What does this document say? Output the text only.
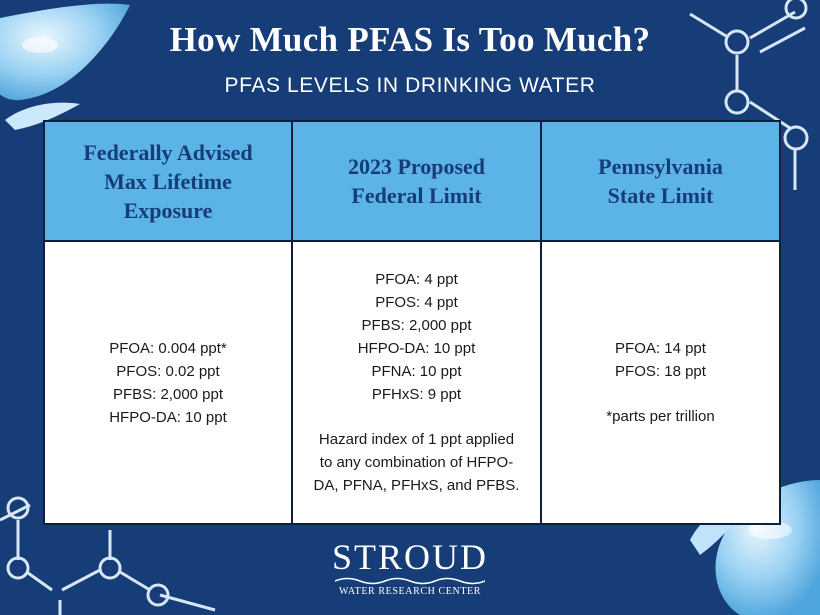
How Much PFAS Is Too Much?
PFAS LEVELS IN DRINKING WATER
Federally Advised
Max Lifetime
Exposure
2023 Proposed
Federal Limit
Pennsylvania
State Limit
PFOA: 0.004 ppt*
PFOS: 0.02 ppt
PFBS: 2,000 ppt
HFPO-DA: 10 ppt
PFOA: 4 ppt
PFOS: 4 ppt
PFBS: 2,000 ppt
HFPO-DA: 10 ppt
PFNA: 10 ppt
PFHxS: 9 ppt
Hazard index of 1 ppt applied
to any combination of HFPO-
DA, PFNA, PFHxS, and PFBS.
PFOA: 14 ppt
PFOS: 18 ppt
*parts per trillion
STROUD
WATER RESEARCH CENTER
